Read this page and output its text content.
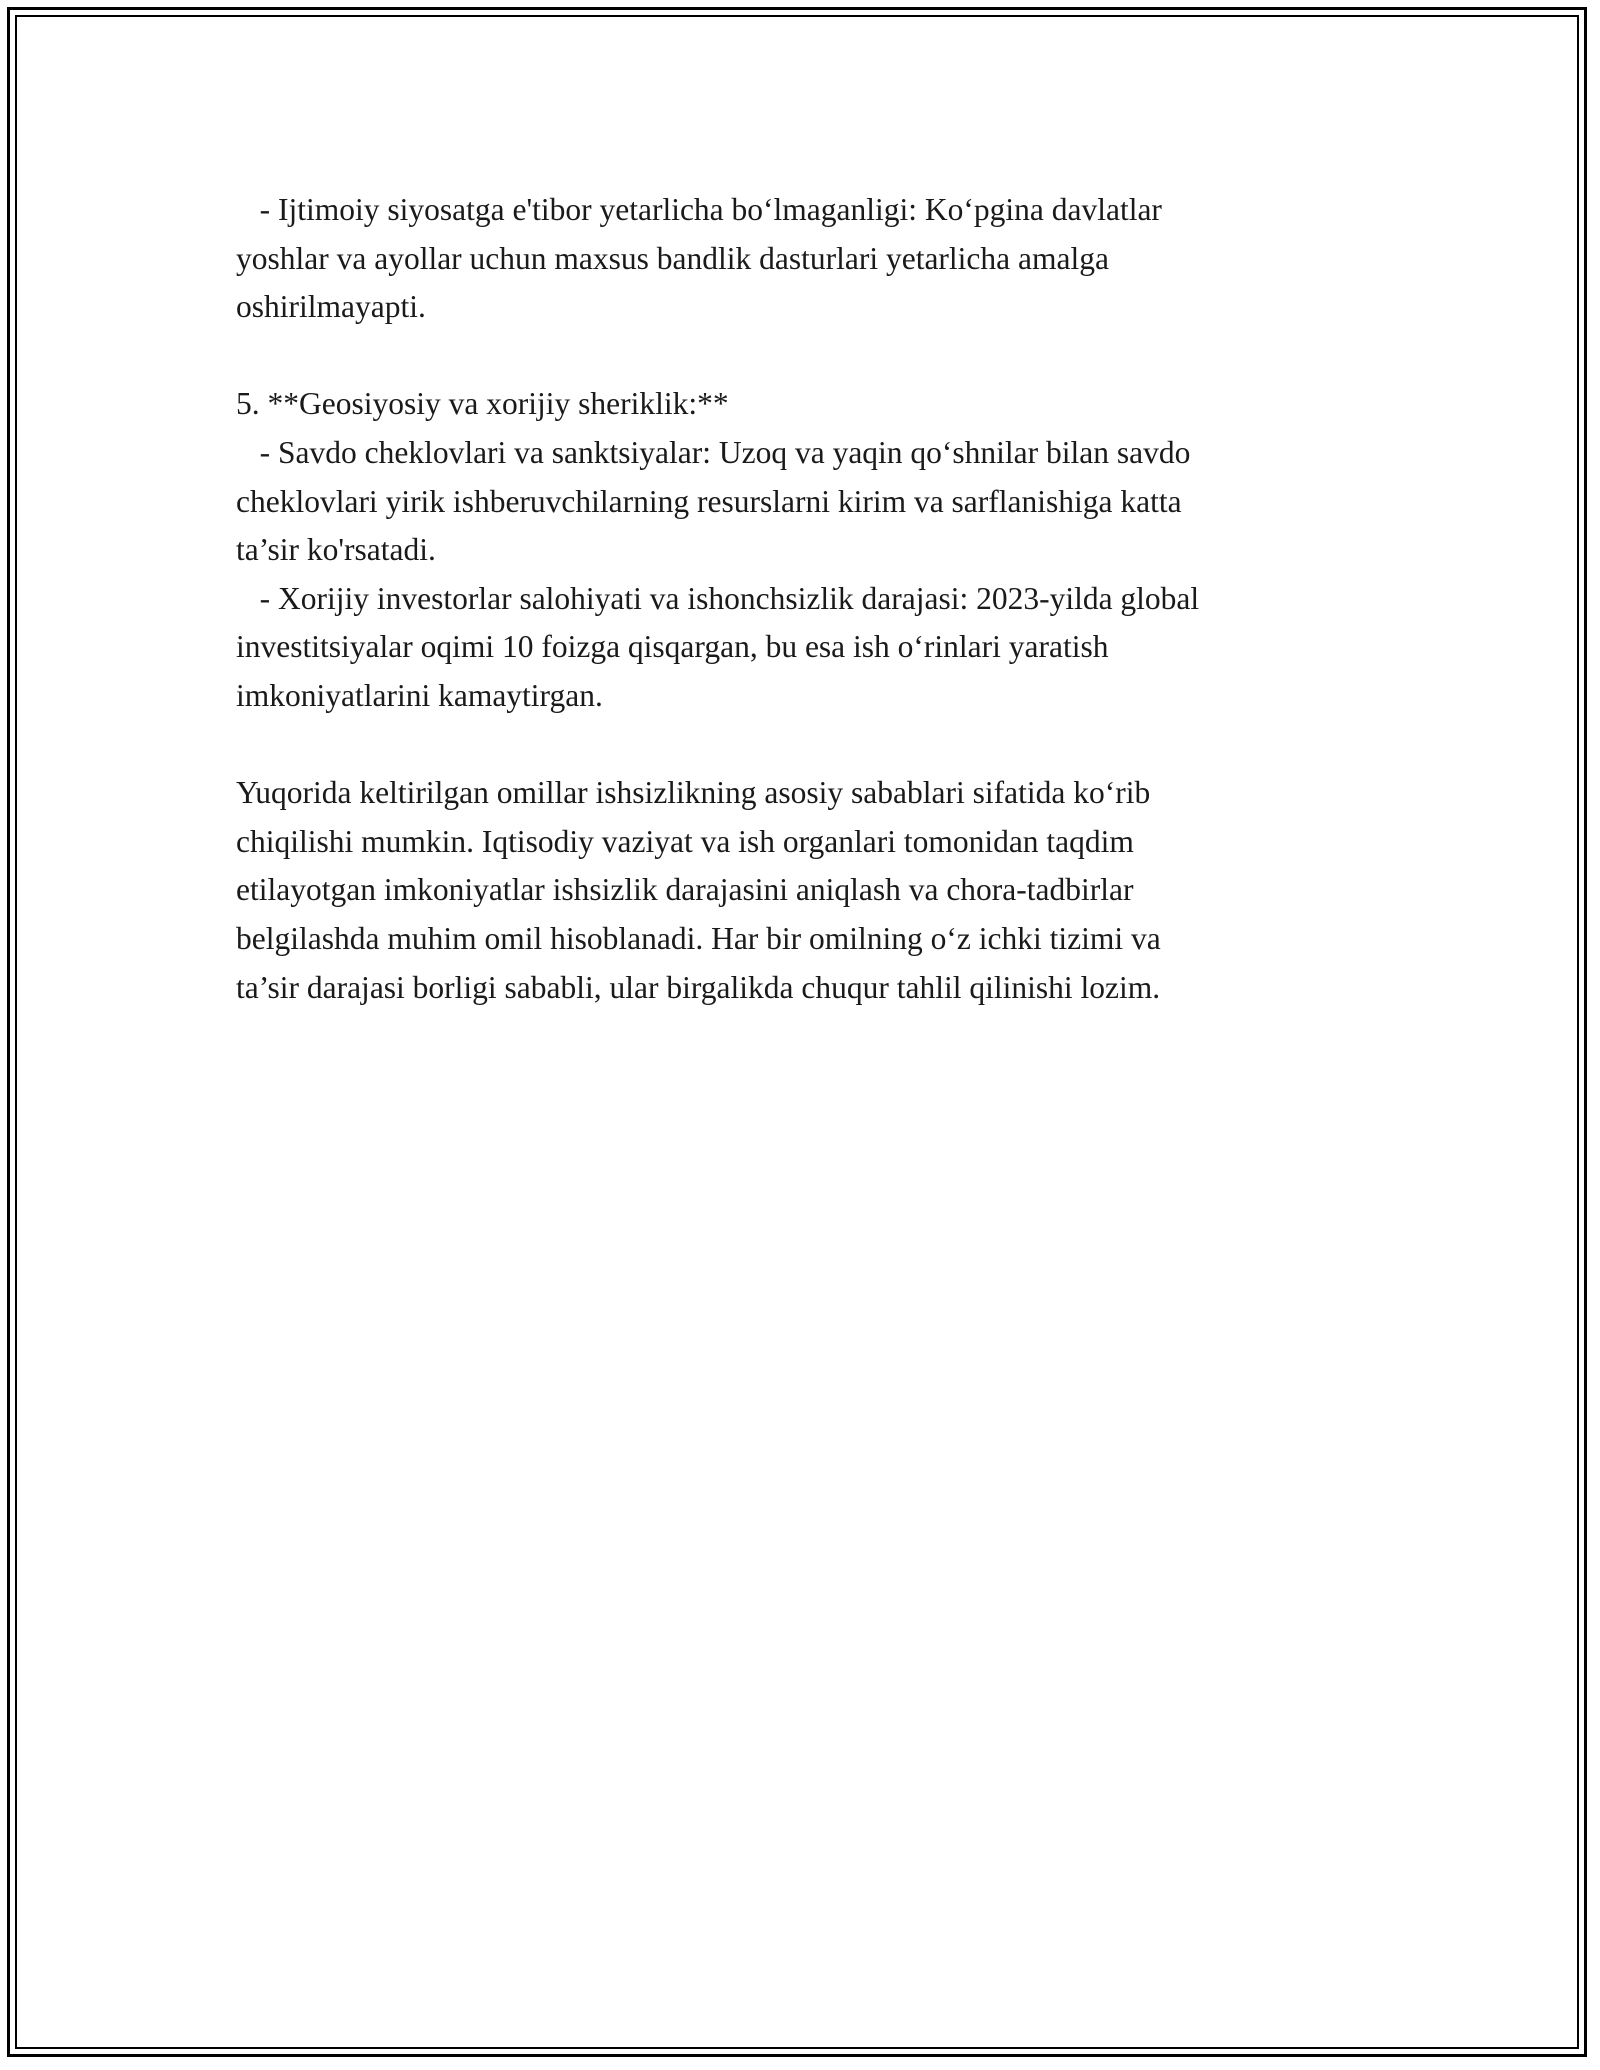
- Ijtimoiy siyosatga e'tibor yetarlicha bo‘lmaganligi: Ko‘pgina davlatlar
yoshlar va ayollar uchun maxsus bandlik dasturlari yetarlicha amalga
oshirilmayapti.
5. **Geosiyosiy va xorijiy sheriklik:**
- Savdo cheklovlari va sanktsiyalar: Uzoq va yaqin qo‘shnilar bilan savdo
cheklovlari yirik ishberuvchilarning resurslarni kirim va sarflanishiga katta
ta’sir ko'rsatadi.
- Xorijiy investorlar salohiyati va ishonchsizlik darajasi: 2023-yilda global
investitsiyalar oqimi 10 foizga qisqargan, bu esa ish o‘rinlari yaratish
imkoniyatlarini kamaytirgan.
Yuqorida keltirilgan omillar ishsizlikning asosiy sabablari sifatida ko‘rib
chiqilishi mumkin. Iqtisodiy vaziyat va ish organlari tomonidan taqdim
etilayotgan imkoniyatlar ishsizlik darajasini aniqlash va chora-tadbirlar
belgilashda muhim omil hisoblanadi. Har bir omilning o‘z ichki tizimi va
ta’sir darajasi borligi sababli, ular birgalikda chuqur tahlil qilinishi lozim.
